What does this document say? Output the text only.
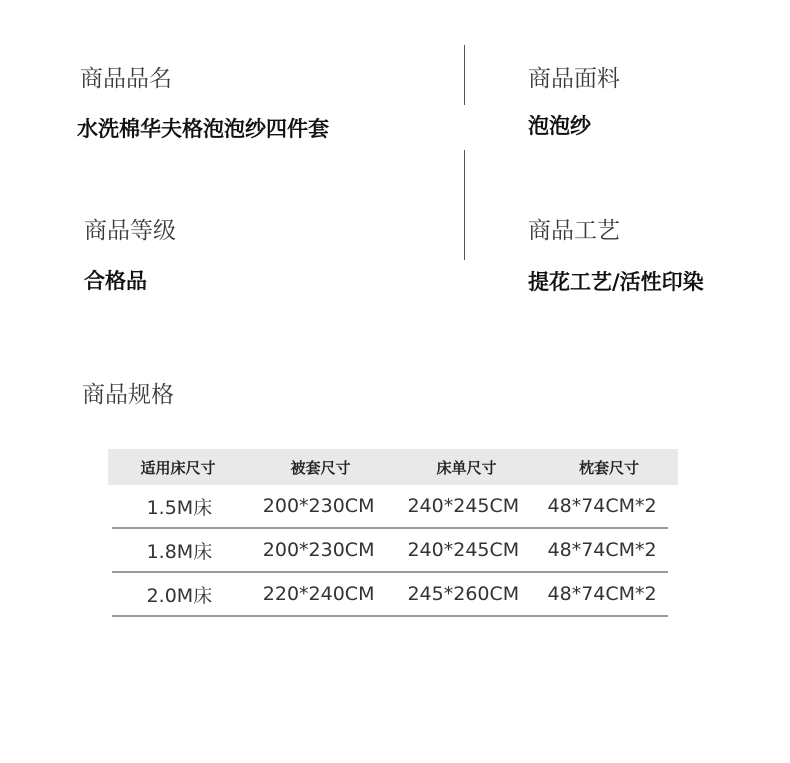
商品品名
水洗棉华夫格泡泡纱四件套
商品面料
泡泡纱
商品等级
合格品
商品工艺
提花工艺/活性印染
商品规格
适用床尺寸	被套尺寸	床单尺寸	枕套尺寸
1.5M床	200*230CM	240*245CM	48*74CM*2
1.8M床	200*230CM	240*245CM	48*74CM*2
2.0M床	220*240CM	245*260CM	48*74CM*2
